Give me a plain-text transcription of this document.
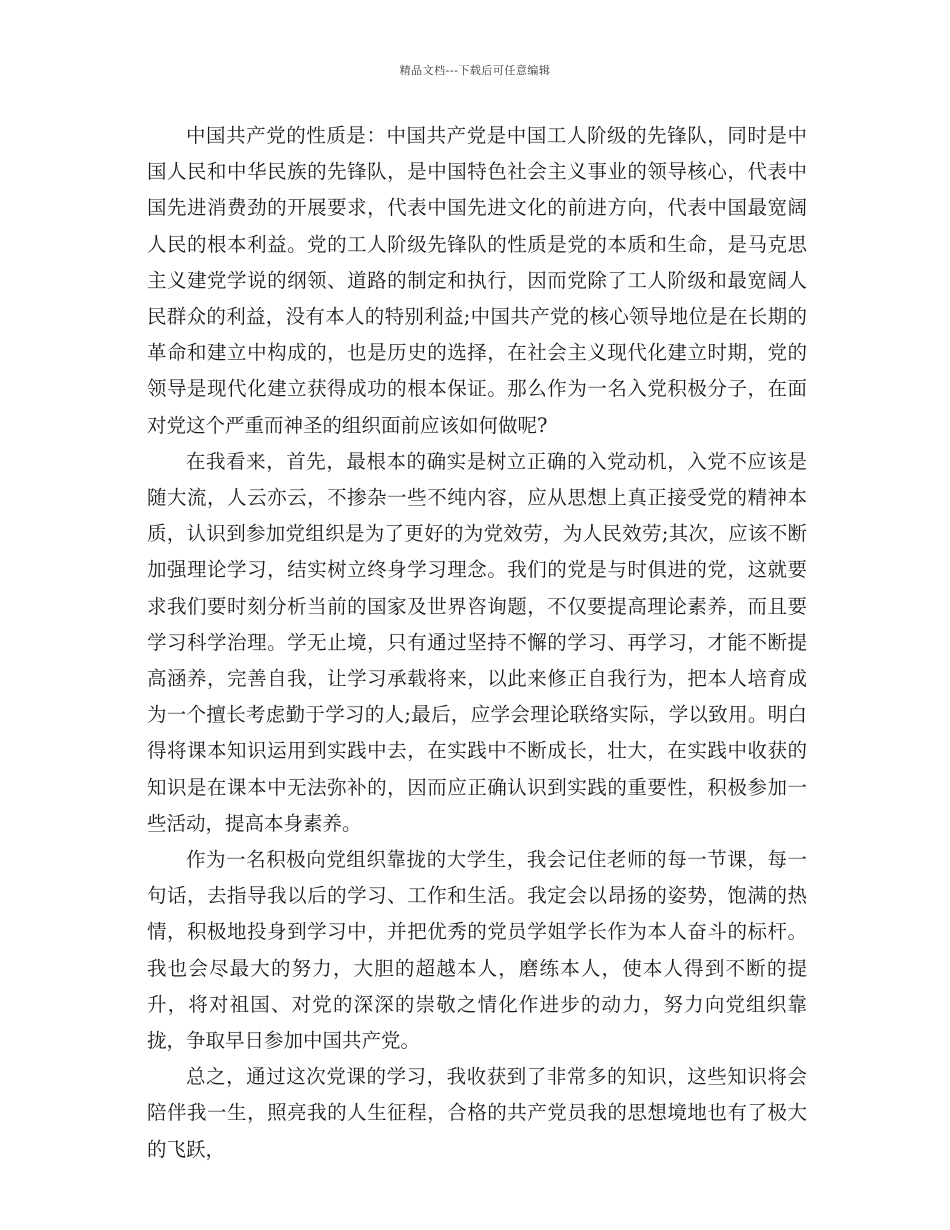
精品文档---下载后可任意编辑

中国共产党的性质是：中国共产党是中国工人阶级的先锋队，同时是中国人民和中华民族的先锋队，是中国特色社会主义事业的领导核心，代表中国先进消费劲的开展要求，代表中国先进文化的前进方向，代表中国最宽阔人民的根本利益。党的工人阶级先锋队的性质是党的本质和生命，是马克思主义建党学说的纲领、道路的制定和执行，因而党除了工人阶级和最宽阔人民群众的利益，没有本人的特别利益;中国共产党的核心领导地位是在长期的革命和建立中构成的，也是历史的选择，在社会主义现代化建立时期，党的领导是现代化建立获得成功的根本保证。那么作为一名入党积极分子，在面对党这个严重而神圣的组织面前应该如何做呢?

在我看来，首先，最根本的确实是树立正确的入党动机，入党不应该是随大流，人云亦云，不掺杂一些不纯内容，应从思想上真正接受党的精神本质，认识到参加党组织是为了更好的为党效劳，为人民效劳;其次，应该不断加强理论学习，结实树立终身学习理念。我们的党是与时俱进的党，这就要求我们要时刻分析当前的国家及世界咨询题，不仅要提高理论素养，而且要学习科学治理。学无止境，只有通过坚持不懈的学习、再学习，才能不断提高涵养，完善自我，让学习承载将来，以此来修正自我行为，把本人培育成为一个擅长考虑勤于学习的人;最后，应学会理论联络实际，学以致用。明白得将课本知识运用到实践中去，在实践中不断成长，壮大，在实践中收获的知识是在课本中无法弥补的，因而应正确认识到实践的重要性，积极参加一些活动，提高本身素养。

作为一名积极向党组织靠拢的大学生，我会记住老师的每一节课，每一句话，去指导我以后的学习、工作和生活。我定会以昂扬的姿势，饱满的热情，积极地投身到学习中，并把优秀的党员学姐学长作为本人奋斗的标杆。我也会尽最大的努力，大胆的超越本人，磨练本人，使本人得到不断的提升，将对祖国、对党的深深的崇敬之情化作进步的动力，努力向党组织靠拢，争取早日参加中国共产党。

总之，通过这次党课的学习，我收获到了非常多的知识，这些知识将会陪伴我一生，照亮我的人生征程，合格的共产党员我的思想境地也有了极大的飞跃，
